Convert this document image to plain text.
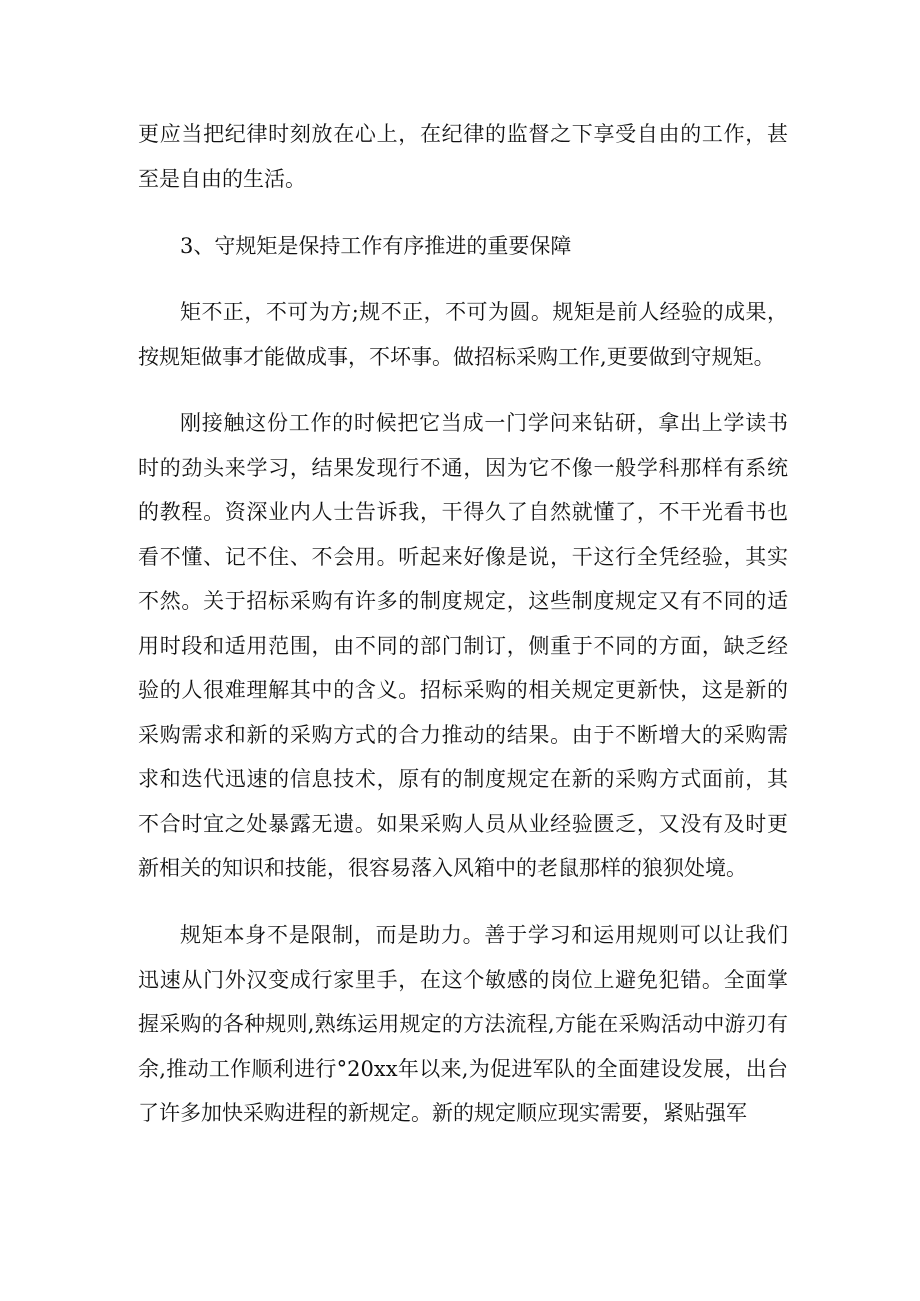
更应当把纪律时刻放在心上，在纪律的监督之下享受自由的工作，甚至是自由的生活。

3、守规矩是保持工作有序推进的重要保障

矩不正，不可为方;规不正，不可为圆。规矩是前人经验的成果，按规矩做事才能做成事，不坏事。做招标采购工作,更要做到守规矩。

刚接触这份工作的时候把它当成一门学问来钻研，拿出上学读书时的劲头来学习，结果发现行不通，因为它不像一般学科那样有系统的教程。资深业内人士告诉我，干得久了自然就懂了，不干光看书也看不懂、记不住、不会用。听起来好像是说，干这行全凭经验，其实不然。关于招标采购有许多的制度规定，这些制度规定又有不同的适用时段和适用范围，由不同的部门制订，侧重于不同的方面，缺乏经验的人很难理解其中的含义。招标采购的相关规定更新快，这是新的采购需求和新的采购方式的合力推动的结果。由于不断增大的采购需求和迭代迅速的信息技术，原有的制度规定在新的采购方式面前，其不合时宜之处暴露无遗。如果采购人员从业经验匮乏，又没有及时更新相关的知识和技能，很容易落入风箱中的老鼠那样的狼狈处境。

规矩本身不是限制，而是助力。善于学习和运用规则可以让我们迅速从门外汉变成行家里手，在这个敏感的岗位上避免犯错。全面掌握采购的各种规则,熟练运用规定的方法流程,方能在采购活动中游刃有余,推动工作顺利进行°20xx年以来,为促进军队的全面建设发展，出台了许多加快采购进程的新规定。新的规定顺应现实需要，紧贴强军
